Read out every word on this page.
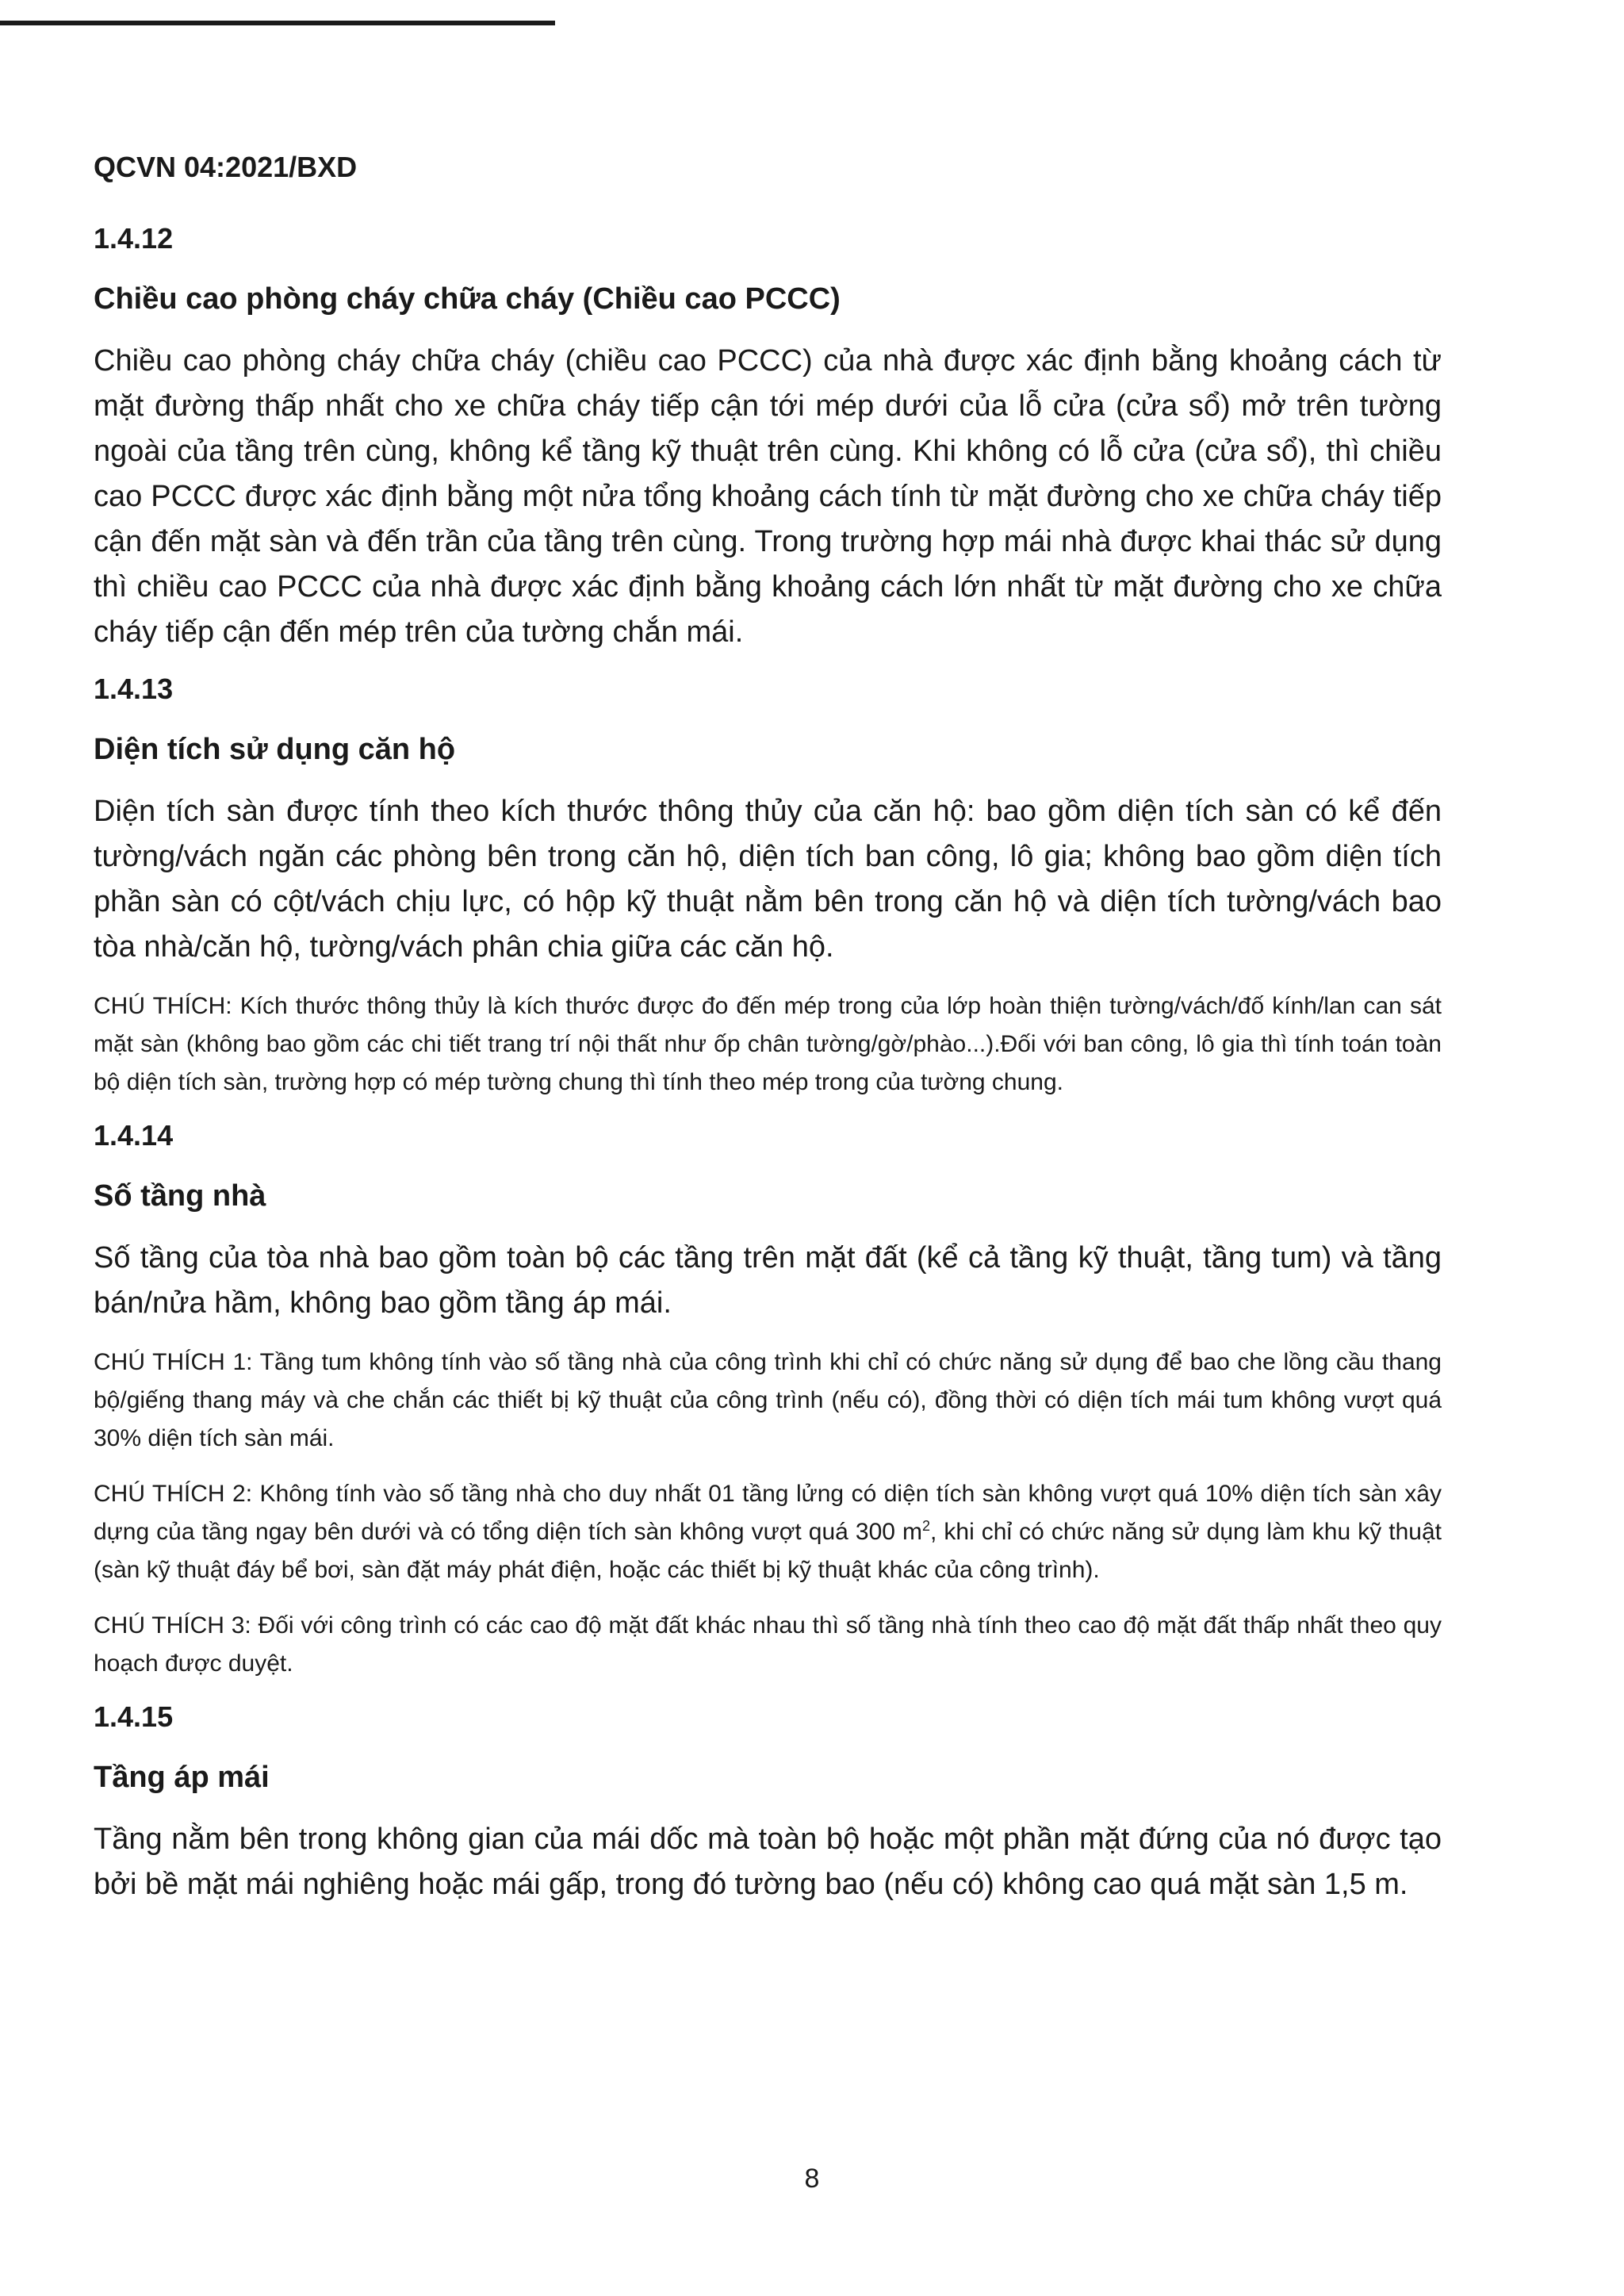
QCVN 04:2021/BXD
1.4.12
Chiều cao phòng cháy chữa cháy (Chiều cao PCCC)

Chiều cao phòng cháy chữa cháy (chiều cao PCCC) của nhà được xác định bằng khoảng cách từ mặt đường thấp nhất cho xe chữa cháy tiếp cận tới mép dưới của lỗ cửa (cửa sổ) mở trên tường ngoài của tầng trên cùng, không kể tầng kỹ thuật trên cùng. Khi không có lỗ cửa (cửa sổ), thì chiều cao PCCC được xác định bằng một nửa tổng khoảng cách tính từ mặt đường cho xe chữa cháy tiếp cận đến mặt sàn và đến trần của tầng trên cùng. Trong trường hợp mái nhà được khai thác sử dụng thì chiều cao PCCC của nhà được xác định bằng khoảng cách lớn nhất từ mặt đường cho xe chữa cháy tiếp cận đến mép trên của tường chắn mái.

1.4.13
Diện tích sử dụng căn hộ

Diện tích sàn được tính theo kích thước thông thủy của căn hộ: bao gồm diện tích sàn có kể đến tường/vách ngăn các phòng bên trong căn hộ, diện tích ban công, lô gia; không bao gồm diện tích phần sàn có cột/vách chịu lực, có hộp kỹ thuật nằm bên trong căn hộ và diện tích tường/vách bao tòa nhà/căn hộ, tường/vách phân chia giữa các căn hộ.

CHÚ THÍCH: Kích thước thông thủy là kích thước được đo đến mép trong của lớp hoàn thiện tường/vách/đố kính/lan can sát mặt sàn (không bao gồm các chi tiết trang trí nội thất như ốp chân tường/gờ/phào...).Đối với ban công, lô gia thì tính toán toàn bộ diện tích sàn, trường hợp có mép tường chung thì tính theo mép trong của tường chung.

1.4.14
Số tầng nhà

Số tầng của tòa nhà bao gồm toàn bộ các tầng trên mặt đất (kể cả tầng kỹ thuật, tầng tum) và tầng bán/nửa hầm, không bao gồm tầng áp mái.

CHÚ THÍCH 1: Tầng tum không tính vào số tầng nhà của công trình khi chỉ có chức năng sử dụng để bao che lồng cầu thang bộ/giếng thang máy và che chắn các thiết bị kỹ thuật của công trình (nếu có), đồng thời có diện tích mái tum không vượt quá 30% diện tích sàn mái.

CHÚ THÍCH 2: Không tính vào số tầng nhà cho duy nhất 01 tầng lửng có diện tích sàn không vượt quá 10% diện tích sàn xây dựng của tầng ngay bên dưới và có tổng diện tích sàn không vượt quá 300 $m^2$, khi chỉ có chức năng sử dụng làm khu kỹ thuật (sàn kỹ thuật đáy bể bơi, sàn đặt máy phát điện, hoặc các thiết bị kỹ thuật khác của công trình).

CHÚ THÍCH 3: Đối với công trình có các cao độ mặt đất khác nhau thì số tầng nhà tính theo cao độ mặt đất thấp nhất theo quy hoạch được duyệt.

1.4.15
Tầng áp mái

Tầng nằm bên trong không gian của mái dốc mà toàn bộ hoặc một phần mặt đứng của nó được tạo bởi bề mặt mái nghiêng hoặc mái gấp, trong đó tường bao (nếu có) không cao quá mặt sàn 1,5 m.

8
